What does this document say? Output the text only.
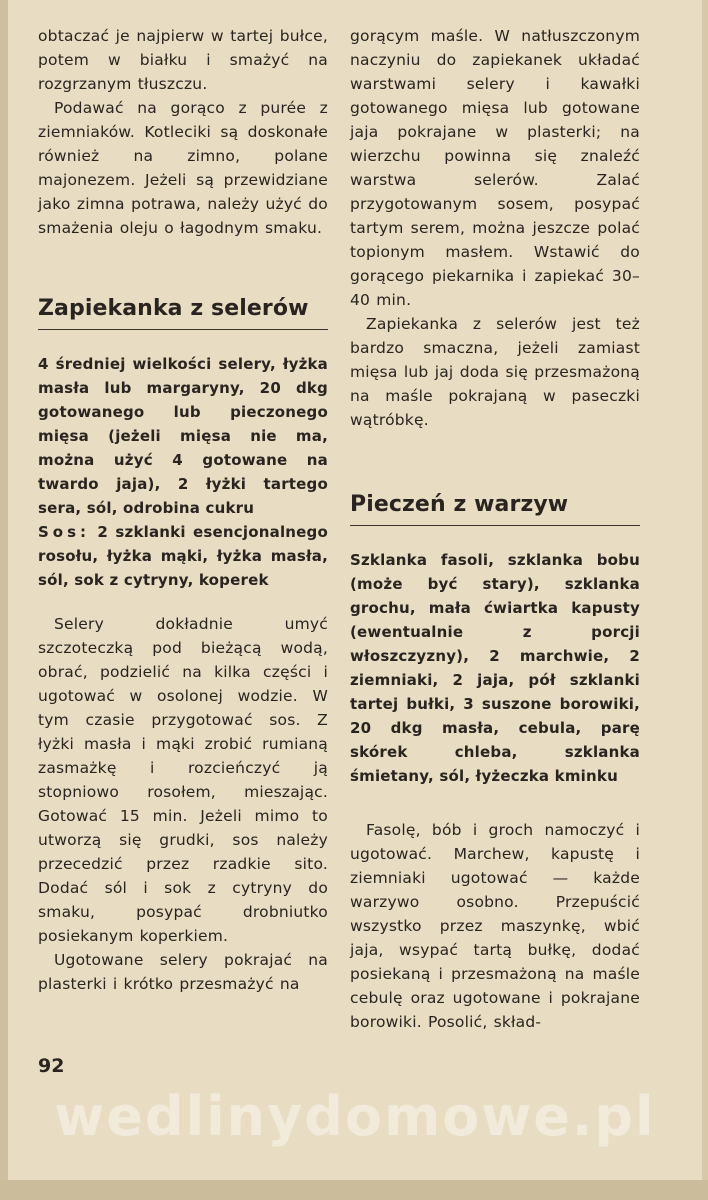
obtaczać je najpierw w tartej bułce, potem w białku i smażyć na rozgrzanym tłuszczu.

Podawać na gorąco z purée z ziemniaków. Kotleciki są doskonałe również na zimno, polane majonezem. Jeżeli są przewidziane jako zimna potrawa, należy użyć do smażenia oleju o łagodnym smaku.

Zapiekanka z selerów

4 średniej wielkości selery, łyżka masła lub margaryny, 20 dkg gotowanego lub pieczonego mięsa (jeżeli mięsa nie ma, można użyć 4 gotowane na twardo jaja), 2 łyżki tartego sera, sól, odrobina cukru

Sos: 2 szklanki esencjonalnego rosołu, łyżka mąki, łyżka masła, sól, sok z cytryny, koperek

Selery dokładnie umyć szczoteczką pod bieżącą wodą, obrać, podzielić na kilka części i ugotować w osolonej wodzie. W tym czasie przygotować sos. Z łyżki masła i mąki zrobić rumianą zasmażkę i rozcieńczyć ją stopniowo rosołem, mieszając. Gotować 15 min. Jeżeli mimo to utworzą się grudki, sos należy przecedzić przez rzadkie sito. Dodać sól i sok z cytryny do smaku, posypać drobniutko posiekanym koperkiem.

Ugotowane selery pokrajać na plasterki i krótko przesmażyć na

gorącym maśle. W natłuszczonym naczyniu do zapiekanek układać warstwami selery i kawałki gotowanego mięsa lub gotowane jaja pokrajane w plasterki; na wierzchu powinna się znaleźć warstwa selerów. Zalać przygotowanym sosem, posypać tartym serem, można jeszcze polać topionym masłem. Wstawić do gorącego piekarnika i zapiekać 30–40 min.

Zapiekanka z selerów jest też bardzo smaczna, jeżeli zamiast mięsa lub jaj doda się przesmażoną na maśle pokrajaną w paseczki wątróbkę.

Pieczeń z warzyw

Szklanka fasoli, szklanka bobu (może być stary), szklanka grochu, mała ćwiartka kapusty (ewentualnie z porcji włoszczyzny), 2 marchwie, 2 ziemniaki, 2 jaja, pół szklanki tartej bułki, 3 suszone borowiki, 20 dkg masła, cebula, parę skórek chleba, szklanka śmietany, sól, łyżeczka kminku

Fasolę, bób i groch namoczyć i ugotować. Marchew, kapustę i ziemniaki ugotować — każde warzywo osobno. Przepuścić wszystko przez maszynkę, wbić jaja, wsypać tartą bułkę, dodać posiekaną i przesmażoną na maśle cebulę oraz ugotowane i pokrajane borowiki. Posolić, skład-

92
wedlinydomowe.pl
